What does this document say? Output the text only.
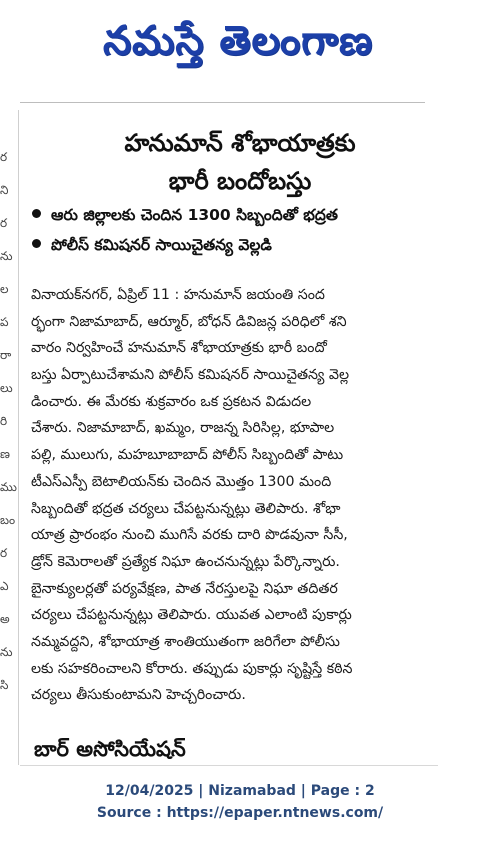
నమస్తే తెలంగాణ
ర
ని
ర
ను
ల
ప
రా
లు
రి
ణ
ము
బం
ర
ఎ
అ
ను
సి
హనుమాన్ శోభాయాత్రకు
భారీ బందోబస్తు
ఆరు జిల్లాలకు చెందిన 1300 సిబ్బందితో భద్రత
పోలీస్ కమిషనర్ సాయిచైతన్య వెల్లడి
వినాయక్‌నగర్, ఏప్రిల్ 11 : హనుమాన్ జయంతి సంద
ర్భంగా నిజామాబాద్, ఆర్మూర్, బోధన్ డివిజన్ల పరిధిలో శని
వారం నిర్వహించే హనుమాన్ శోభాయాత్రకు భారీ బందో
బస్తు ఏర్పాటుచేశామని పోలీస్ కమిషనర్ సాయిచైతన్య వెల్ల
డించారు. ఈ మేరకు శుక్రవారం ఒక ప్రకటన విడుదల
చేశారు. నిజామాబాద్, ఖమ్మం, రాజన్న సిరిసిల్ల, భూపాల
పల్లి, ములుగు, మహబూబాబాద్ పోలీస్ సిబ్బందితో పాటు
టీఎస్ఎస్పీ బెటాలియన్‌కు చెందిన మొత్తం 1300 మంది
సిబ్బందితో భద్రత చర్యలు చేపట్టనున్నట్లు తెలిపారు. శోభా
యాత్ర ప్రారంభం నుంచి ముగిసే వరకు దారి పొడవునా సీసీ,
డ్రోన్ కెమెరాలతో ప్రత్యేక నిఘా ఉంచనున్నట్లు పేర్కొన్నారు.
బైనాక్యులర్లతో పర్యవేక్షణ, పాత నేరస్తులపై నిఘా తదితర
చర్యలు చేపట్టనున్నట్లు తెలిపారు. యువత ఎలాంటి పుకార్లు
నమ్మవద్దని, శోభాయాత్ర శాంతియుతంగా జరిగేలా పోలీసు
లకు సహకరించాలని కోరారు. తప్పుడు పుకార్లు సృష్టిస్తే కఠిన
చర్యలు తీసుకుంటామని హెచ్చరించారు.
బార్ అసోసియేషన్
12/04/2025 | Nizamabad | Page : 2
Source : https://epaper.ntnews.com/
